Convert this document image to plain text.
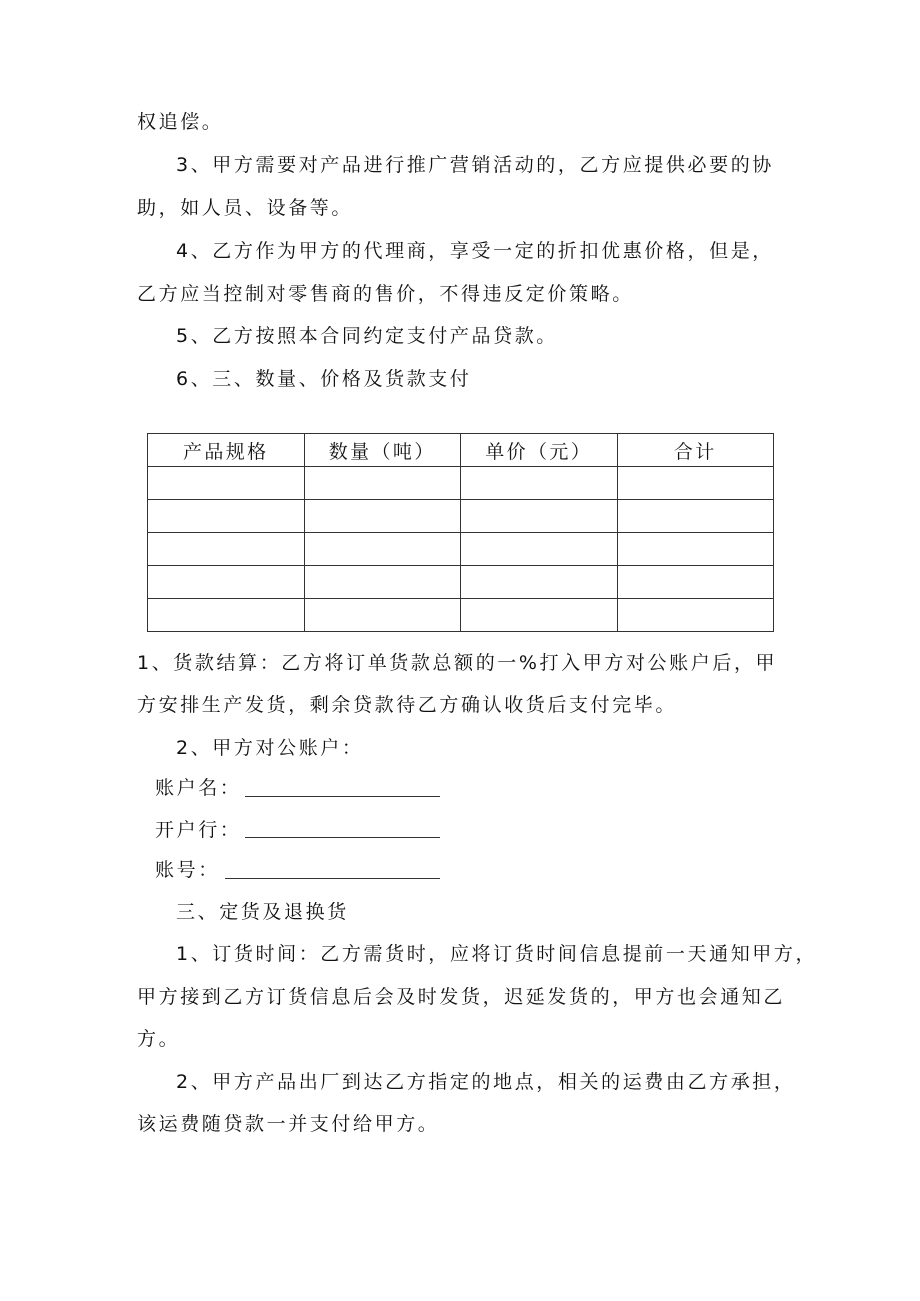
权追偿。
3、甲方需要对产品进行推广营销活动的，乙方应提供必要的协
助，如人员、设备等。
4、乙方作为甲方的代理商，享受一定的折扣优惠价格，但是，
乙方应当控制对零售商的售价，不得违反定价策略。
5、乙方按照本合同约定支付产品贷款。
6、三、数量、价格及货款支付
产品规格	数量（吨）	单价（元）	合计

1、货款结算：乙方将订单货款总额的一%打入甲方对公账户后，甲
方安排生产发货，剩余贷款待乙方确认收货后支付完毕。
2、甲方对公账户：
账户名：
开户行：
账号：
三、定货及退换货
1、订货时间：乙方需货时，应将订货时间信息提前一天通知甲方，
甲方接到乙方订货信息后会及时发货，迟延发货的，甲方也会通知乙
方。
2、甲方产品出厂到达乙方指定的地点，相关的运费由乙方承担，
该运费随贷款一并支付给甲方。
